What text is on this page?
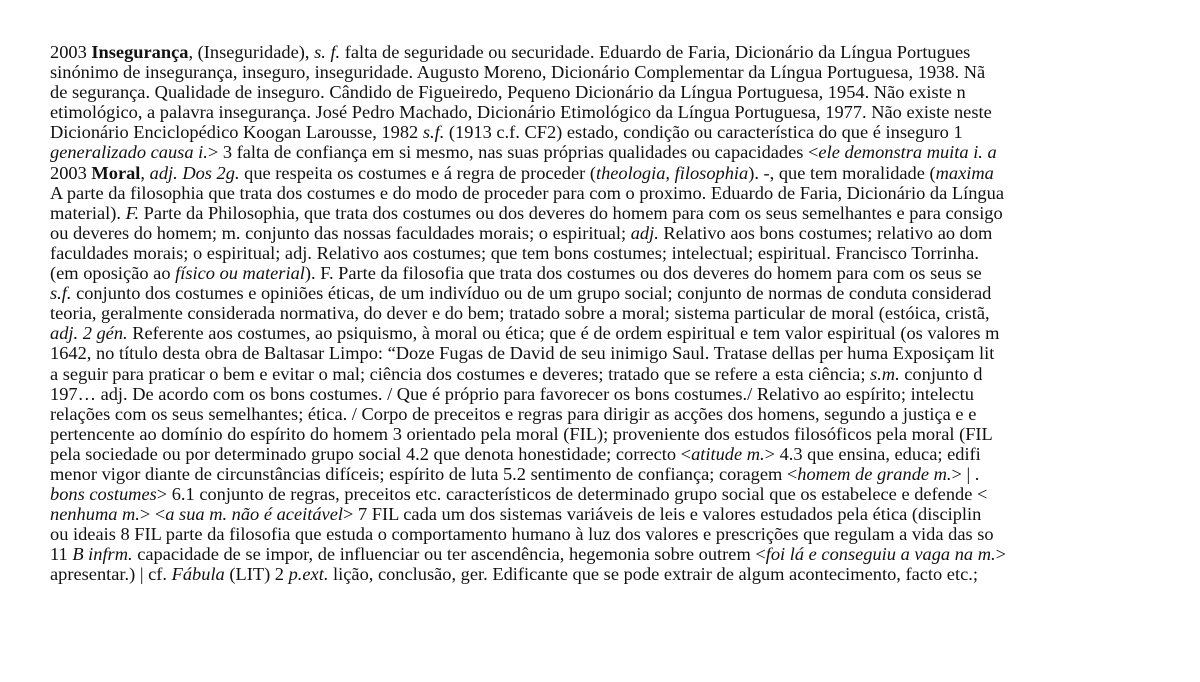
2003 Insegurança, (Inseguridade), s. f. falta de seguridade ou securidade. Eduardo de Faria, Dicionário da Língua Portugues
sinónimo de insegurança, inseguro, inseguridade. Augusto Moreno, Dicionário Complementar da Língua Portuguesa, 1938. Nã
de segurança. Qualidade de inseguro. Cândido de Figueiredo, Pequeno Dicionário da Língua Portuguesa, 1954. Não existe n
etimológico, a palavra insegurança. José Pedro Machado, Dicionário Etimológico da Língua Portuguesa, 1977. Não existe neste
Dicionário Enciclopédico Koogan Larousse, 1982 s.f. (1913 c.f. CF2) estado, condição ou característica do que é inseguro 1
generalizado causa i.> 3 falta de confiança em si mesmo, nas suas próprias qualidades ou capacidades <ele demonstra muita i. a
2003 Moral, adj. Dos 2g. que respeita os costumes e á regra de proceder (theologia, filosophia). -, que tem moralidade (maxima
A parte da filosophia que trata dos costumes e do modo de proceder para com o proximo. Eduardo de Faria, Dicionário da Língua
material). F. Parte da Philosophia, que trata dos costumes ou dos deveres do homem para com os seus semelhantes e para consigo
ou deveres do homem; m. conjunto das nossas faculdades morais; o espiritual; adj. Relativo aos bons costumes; relativo ao dom
faculdades morais; o espiritual; adj. Relativo aos costumes; que tem bons costumes; intelectual; espiritual. Francisco Torrinha.
(em oposição ao físico ou material). F. Parte da filosofia que trata dos costumes ou dos deveres do homem para com os seus se
s.f. conjunto dos costumes e opiniões éticas, de um indivíduo ou de um grupo social; conjunto de normas de conduta considerad
teoria, geralmente considerada normativa, do dever e do bem; tratado sobre a moral; sistema particular de moral (estóica, cristã,
adj. 2 gén. Referente aos costumes, ao psiquismo, à moral ou ética; que é de ordem espiritual e tem valor espiritual (os valores m
1642, no título desta obra de Baltasar Limpo: “Doze Fugas de David de seu inimigo Saul. Tratase dellas per huma Exposiçam lit
a seguir para praticar o bem e evitar o mal; ciência dos costumes e deveres; tratado que se refere a esta ciência; s.m. conjunto d
197… adj. De acordo com os bons costumes. / Que é próprio para favorecer os bons costumes./ Relativo ao espírito; intelectu
relações com os seus semelhantes; ética. / Corpo de preceitos e regras para dirigir as acções dos homens, segundo a justiça e e
pertencente ao domínio do espírito do homem 3 orientado pela moral (FIL); proveniente dos estudos filosóficos pela moral (FIL
pela sociedade ou por determinado grupo social 4.2 que denota honestidade; correcto <atitude m.> 4.3 que ensina, educa; edifi
menor vigor diante de circunstâncias difíceis; espírito de luta 5.2 sentimento de confiança; coragem <homem de grande m.> | .
bons costumes> 6.1 conjunto de regras, preceitos etc. característicos de determinado grupo social que os estabelece e defende <
nenhuma m.> <a sua m. não é aceitável> 7 FIL cada um dos sistemas variáveis de leis e valores estudados pela ética (disciplin
ou ideais 8 FIL parte da filosofia que estuda o comportamento humano à luz dos valores e prescrições que regulam a vida das so
11 B infrm. capacidade de se impor, de influenciar ou ter ascendência, hegemonia sobre outrem <foi lá e conseguiu a vaga na m.>
apresentar.) | cf. Fábula (LIT) 2 p.ext. lição, conclusão, ger. Edificante que se pode extrair de algum acontecimento, facto etc.;
